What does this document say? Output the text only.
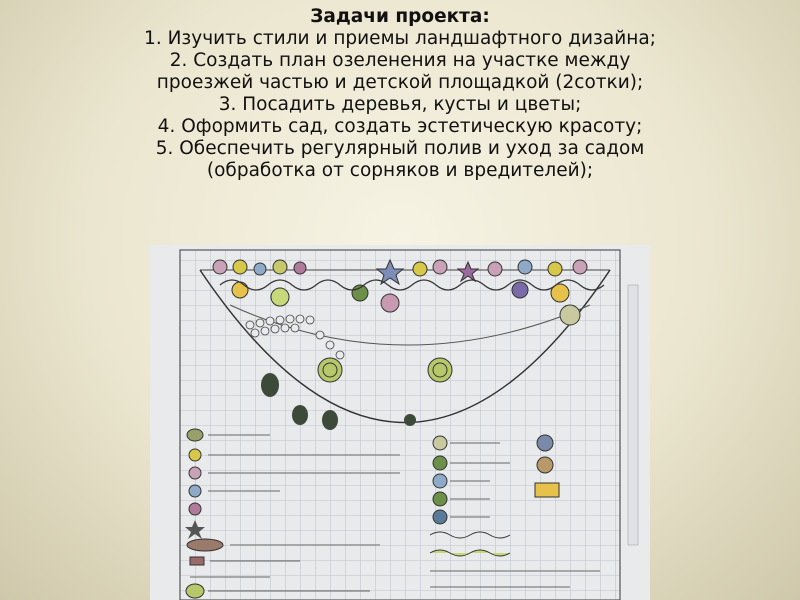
Задачи проекта:
1. Изучить стили и приемы ландшафтного дизайна;
2. Создать план озеленения на участке между проезжей частью и детской площадкой (2сотки);
3. Посадить деревья, кусты и цветы;
4. Оформить сад, создать эстетическую красоту;
5. Обеспечить регулярный полив и уход за садом (обработка от сорняков и вредителей);
